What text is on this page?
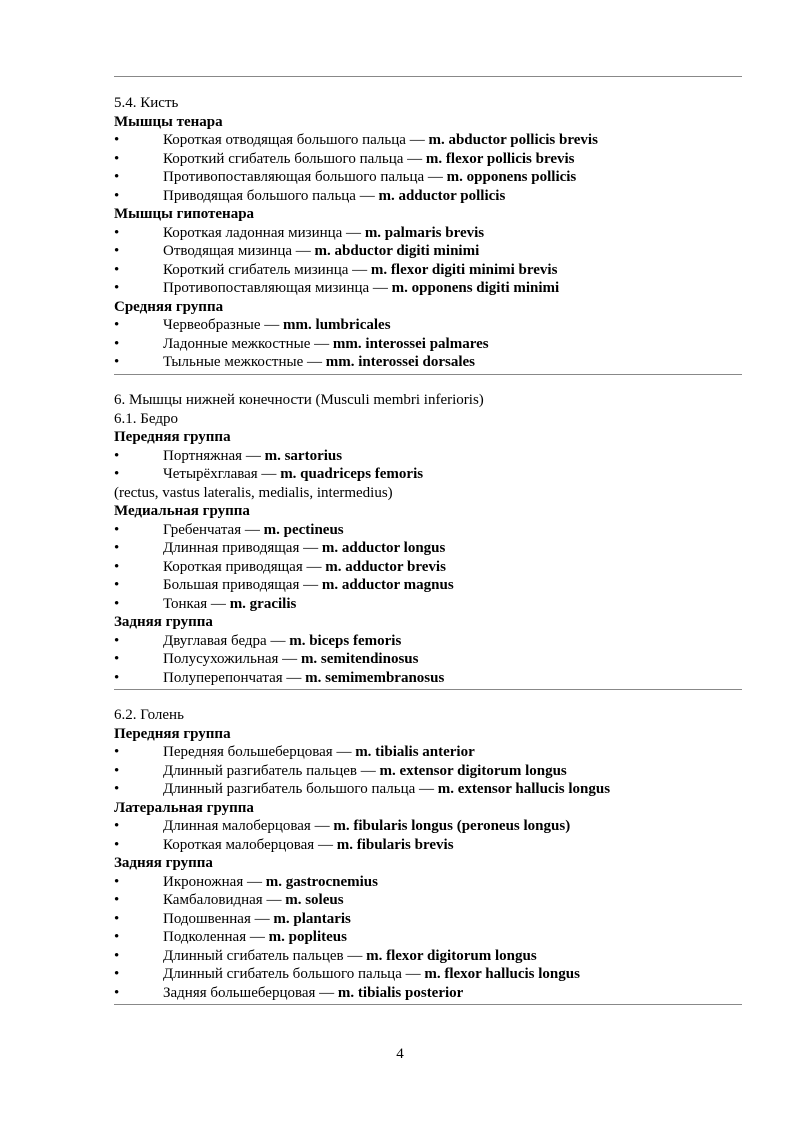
5.4. Кисть
Мышцы тенара
•	Короткая отводящая большого пальца — m. abductor pollicis brevis
•	Короткий сгибатель большого пальца — m. flexor pollicis brevis
•	Противопоставляющая большого пальца — m. opponens pollicis
•	Приводящая большого пальца — m. adductor pollicis
Мышцы гипотенара
•	Короткая ладонная мизинца — m. palmaris brevis
•	Отводящая мизинца — m. abductor digiti minimi
•	Короткий сгибатель мизинца — m. flexor digiti minimi brevis
•	Противопоставляющая мизинца — m. opponens digiti minimi
Средняя группа
•	Червеобразные — mm. lumbricales
•	Ладонные межкостные — mm. interossei palmares
•	Тыльные межкостные — mm. interossei dorsales
6. Мышцы нижней конечности (Musculi membri inferioris)
6.1. Бедро
Передняя группа
•	Портняжная — m. sartorius
•	Четырёхглавая — m. quadriceps femoris
(rectus, vastus lateralis, medialis, intermedius)
Медиальная группа
•	Гребенчатая — m. pectineus
•	Длинная приводящая — m. adductor longus
•	Короткая приводящая — m. adductor brevis
•	Большая приводящая — m. adductor magnus
•	Тонкая — m. gracilis
Задняя группа
•	Двуглавая бедра — m. biceps femoris
•	Полусухожильная — m. semitendinosus
•	Полуперепончатая — m. semimembranosus
6.2. Голень
Передняя группа
•	Передняя большеберцовая — m. tibialis anterior
•	Длинный разгибатель пальцев — m. extensor digitorum longus
•	Длинный разгибатель большого пальца — m. extensor hallucis longus
Латеральная группа
•	Длинная малоберцовая — m. fibularis longus (peroneus longus)
•	Короткая малоберцовая — m. fibularis brevis
Задняя группа
•	Икроножная — m. gastrocnemius
•	Камбаловидная — m. soleus
•	Подошвенная — m. plantaris
•	Подколенная — m. popliteus
•	Длинный сгибатель пальцев — m. flexor digitorum longus
•	Длинный сгибатель большого пальца — m. flexor hallucis longus
•	Задняя большеберцовая — m. tibialis posterior
4
